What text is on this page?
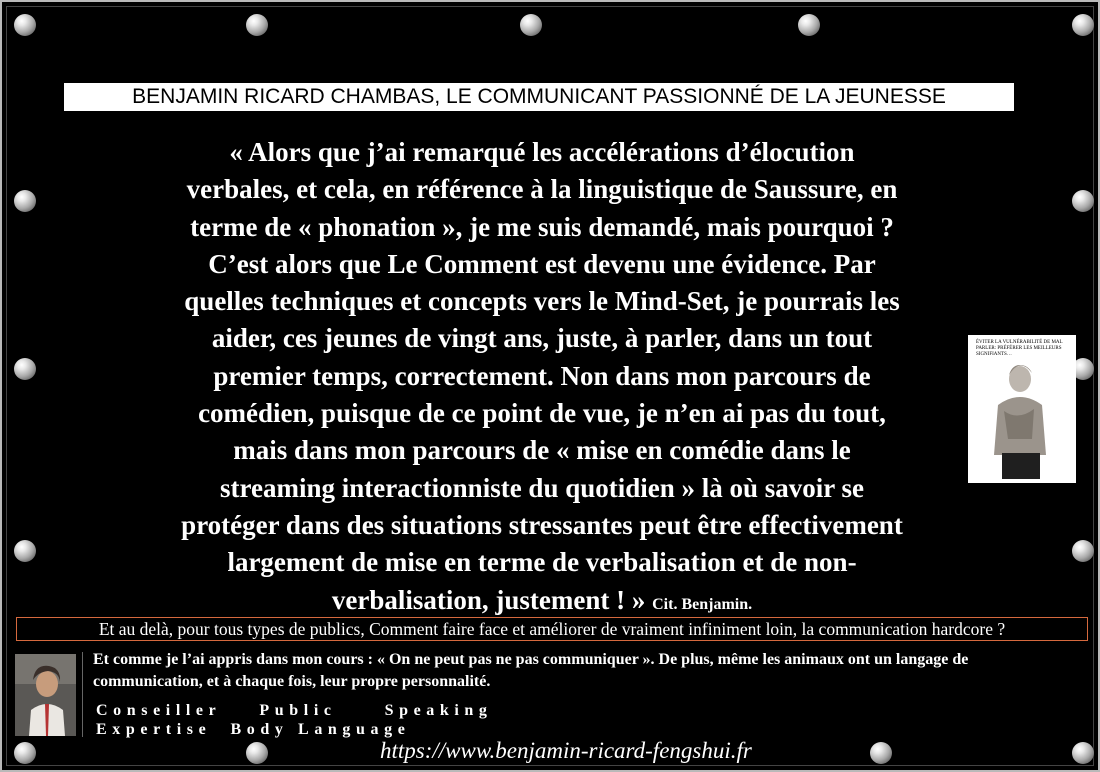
BENJAMIN RICARD CHAMBAS, LE COMMUNICANT PASSIONNÉ DE LA JEUNESSE

« Alors que j’ai remarqué les accélérations d’élocution
verbales, et cela, en référence à la linguistique de Saussure, en
terme de « phonation », je me suis demandé, mais pourquoi ?
C’est alors que Le Comment est devenu une évidence. Par
quelles techniques et concepts vers le Mind-Set, je pourrais les
aider, ces jeunes de vingt ans, juste, à parler, dans un tout
premier temps, correctement. Non dans mon parcours de
comédien, puisque de ce point de vue, je n’en ai pas du tout,
mais dans mon parcours de « mise en comédie dans le
streaming interactionniste du quotidien » là où savoir se
protéger dans des situations stressantes peut être effectivement
largement de mise en terme de verbalisation et de non-
verbalisation, justement ! » Cit. Benjamin.

ÉVITER LA VULNÉRABILITÉ DE MAL PARLER: PRÉFÉRER LES MEILLEURS SIGNIFIANTS…
Et au delà, pour tous types de publics, Comment faire face et améliorer de vraiment infiniment loin, la communication hardcore ?

Et comme je l’ai appris dans mon cours : « On ne peut pas ne pas communiquer ». De plus, même les animaux ont un langage de communication, et à chaque fois, leur propre personnalité.

Conseiller    Public     Speaking
Expertise  Body Language
https://www.benjamin-ricard-fengshui.fr
